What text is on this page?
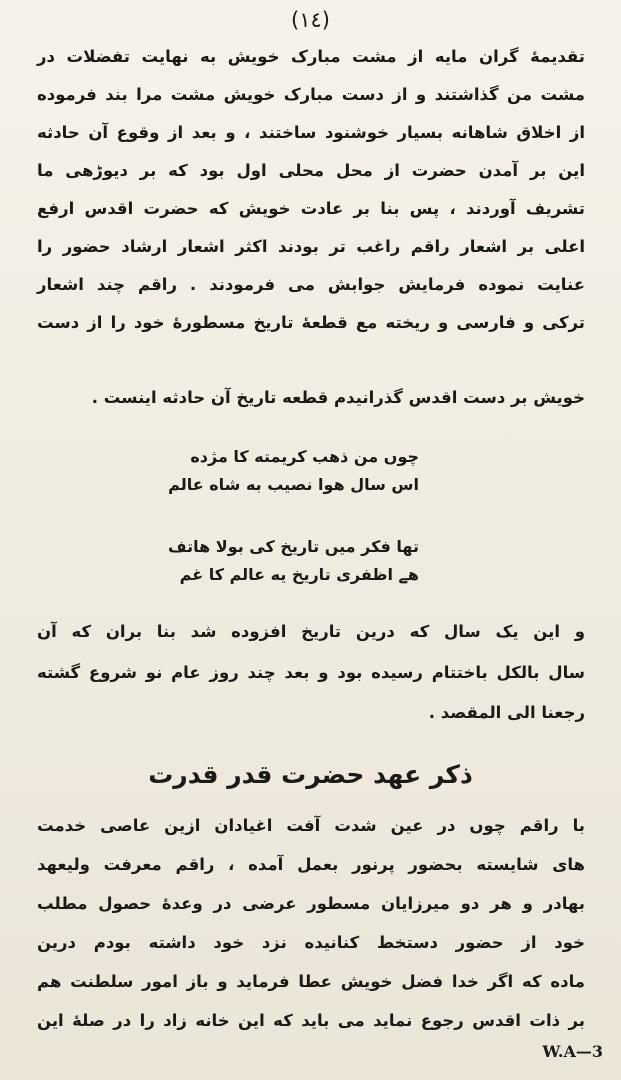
(١٤)
تقدیمهٔ گران مایه از مشت مبارک خویش به نهایت تفضلات در
مشت من گذاشتند و از دست مبارک خویش مشت مرا بند فرموده
از اخلاق شاهانه بسیار خوشنود ساختند ، و بعد از وقوع آن حادثه
این بر آمدن حضرت از محل محلی اول بود که بر دیوڑھی ما
تشریف آوردند ، پس بنا بر عادت خویش که حضرت اقدس ارفع
اعلی بر اشعار راقم راغب تر بودند اکثر اشعار ارشاد حضور را
عنایت نموده فرمایش جوابش می فرمودند . راقم چند اشعار
ترکی و فارسی و ریخته مع قطعهٔ تاریخ مسطورهٔ خود را از دست
خویش بر دست اقدس گذرانیدم قطعه تاریخ آن حادثه اینست .
چوں من ذهب کریمته کا مژده
اس سال هوا نصیب به شاه عالم
تها فکر میں تاریخ کی بولا هاتف
هے اظفری تاریخ یه عالم کا غم
و این یک سال که درین تاریخ افزوده شد بنا بران که آن
سال بالکل باختتام رسیده بود و بعد چند روز عام نو شروع گشته
رجعنا الی المقصد .
ذکر عهد حضرت قدر قدرت
با راقم چوں در عین شدت آفت اغیادان ازین عاصی خدمت
های شایسته بحضور پرنور بعمل آمده ، راقم معرفت ولیعهد
بهادر و هر دو میرزایان مسطور عرضی در وعدهٔ حصول مطلب
خود از حضور دستخط کنانیده نزد خود داشته بودم درین
ماده که اگر خدا فضل خویش عطا فرماید و باز امور سلطنت هم
بر ذات اقدس رجوع نماید می باید که این خانه زاد را در صلهٔ این
W.A—3
